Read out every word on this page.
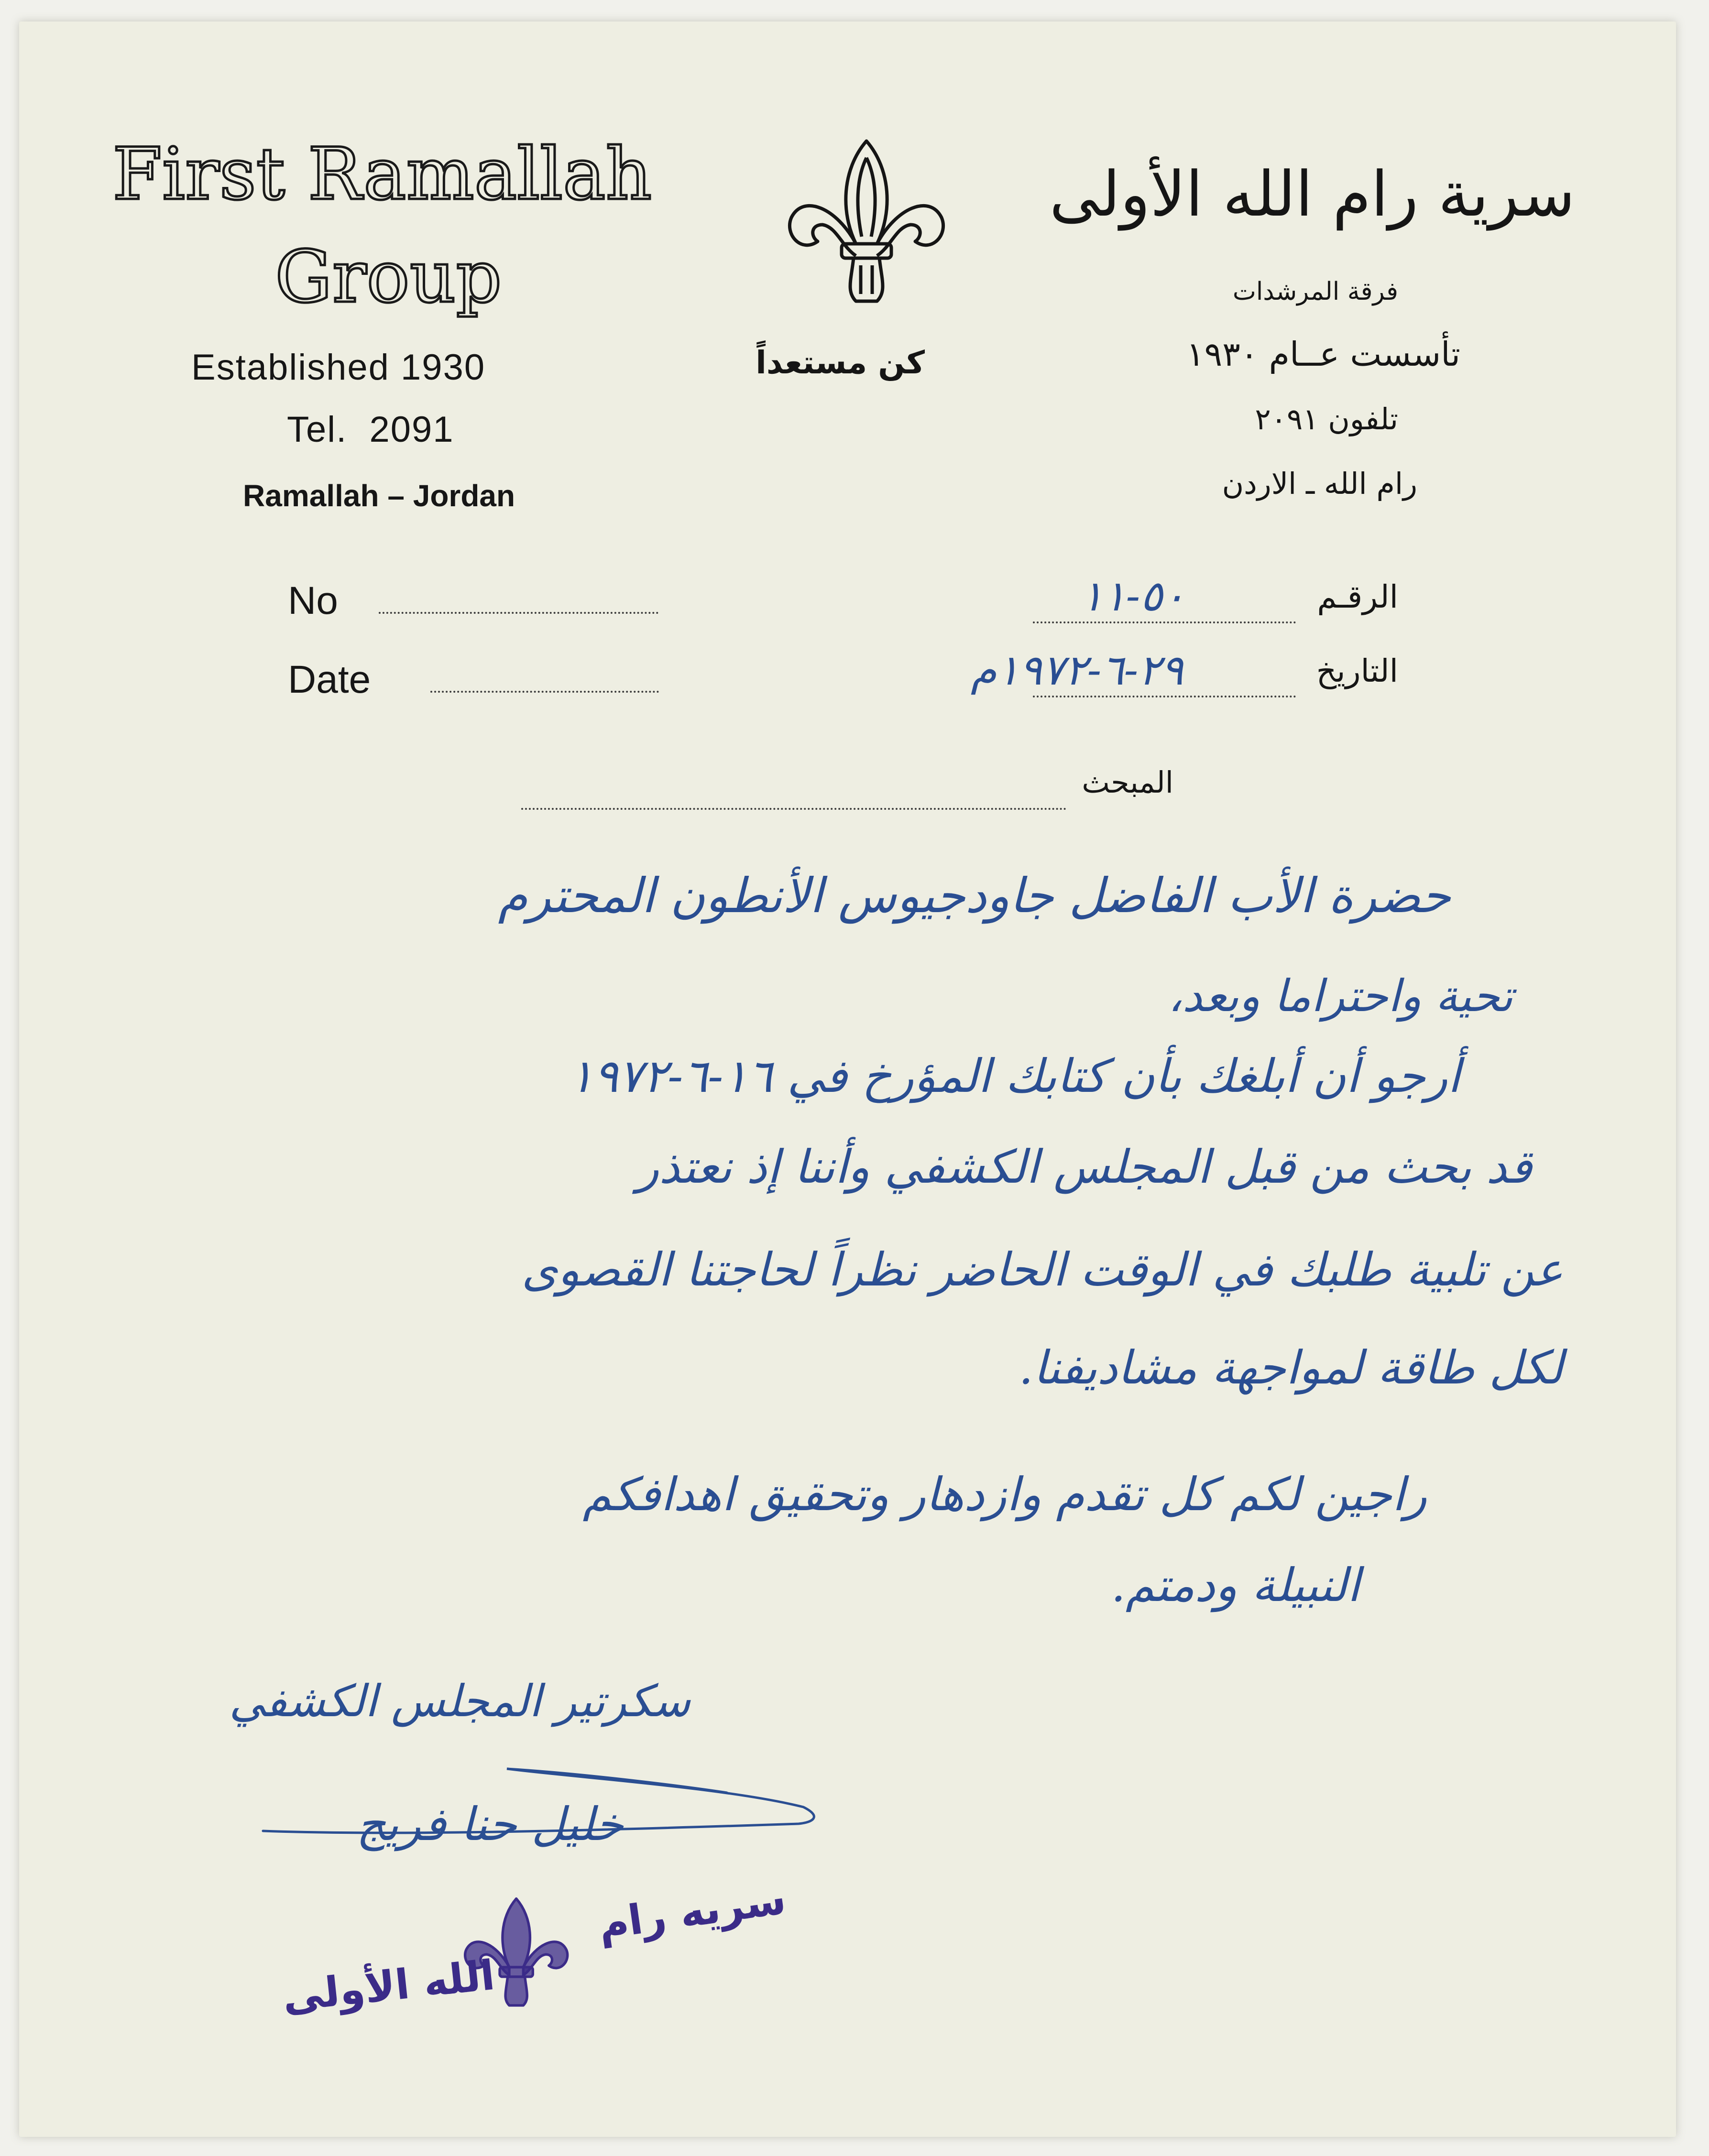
First Ramallah
Group
Established 1930
Tel.  2091
Ramallah – Jordan
سرية رام الله الأولى
فرقة المرشدات
تأسست عــام ١٩٣٠
تلفون ٢٠٩١
رام الله ـ الاردن
كن مستعداً
No
Date
الرقـم
٥٠-١١
التاريخ
٢٩-٦-١٩٧٢م
المبحث
حضرة الأب الفاضل جاودجيوس الأنطون المحترم
تحية واحتراما وبعد،
أرجو أن أبلغك بأن كتابك المؤرخ في ١٦-٦-١٩٧٢
قد بحث من قبل المجلس الكشفي وأننا إذ نعتذر
عن تلبية طلبك في الوقت الحاضر نظراً لحاجتنا القصوى
لكل طاقة لمواجهة مشاديفنا.
راجين لكم كل تقدم وازدهار وتحقيق اهدافكم
النبيلة ودمتم.
سكرتير المجلس الكشفي
خليل حنا فريج
سريه رام
الله الأولى
